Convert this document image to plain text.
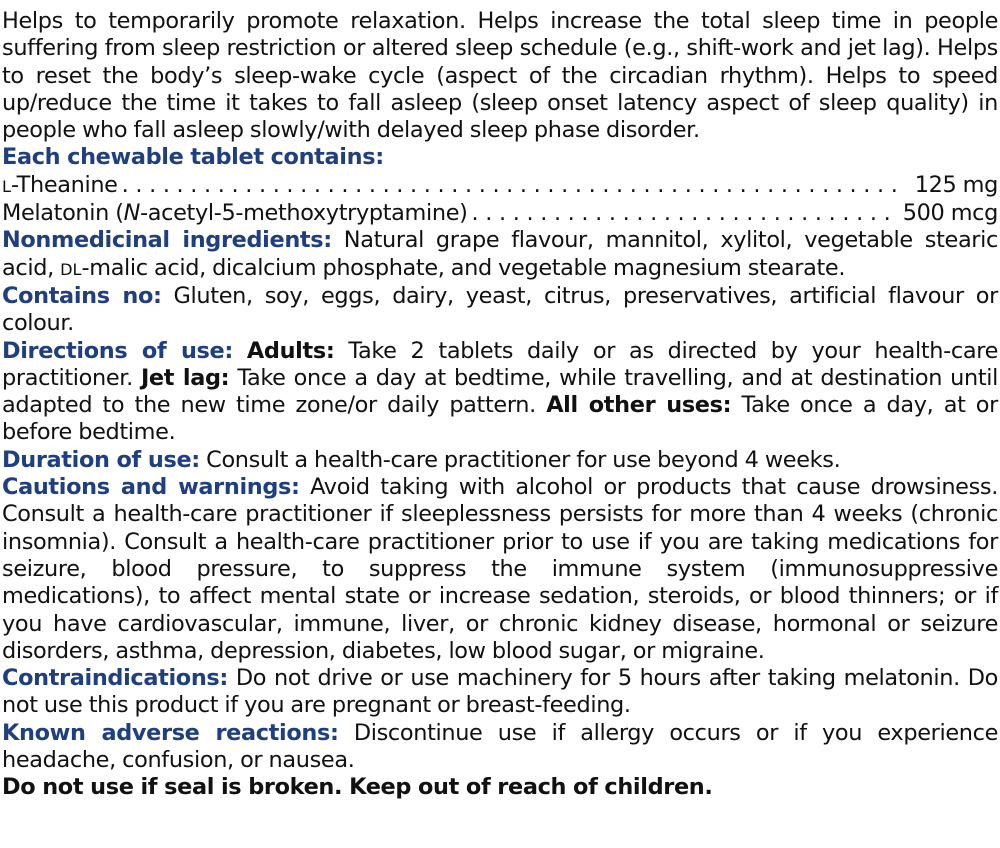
Helps to temporarily promote relaxation. Helps increase the total sleep time in people suffering from sleep restriction or altered sleep schedule (e.g., shift-work and jet lag). Helps to reset the body’s sleep-wake cycle (aspect of the circadian rhythm). Helps to speed up/reduce the time it takes to fall asleep (sleep onset latency aspect of sleep quality) in people who fall asleep slowly/with delayed sleep phase disorder.

Each chewable tablet contains:
L-Theanine . . .	125 mg
Melatonin (N-acetyl-5-methoxytryptamine) . . .	500 mcg

Nonmedicinal ingredients: Natural grape flavour, mannitol, xylitol, vegetable stearic acid, DL-malic acid, dicalcium phosphate, and vegetable magnesium stearate.

Contains no: Gluten, soy, eggs, dairy, yeast, citrus, preservatives, artificial flavour or colour.

Directions of use: Adults: Take 2 tablets daily or as directed by your health-care practitioner. Jet lag: Take once a day at bedtime, while travelling, and at destination until adapted to the new time zone/or daily pattern. All other uses: Take once a day, at or before bedtime.

Duration of use: Consult a health-care practitioner for use beyond 4 weeks.

Cautions and warnings: Avoid taking with alcohol or products that cause drowsiness. Consult a health-care practitioner if sleeplessness persists for more than 4 weeks (chronic insomnia). Consult a health-care practitioner prior to use if you are taking medications for seizure, blood pressure, to suppress the immune system (immunosuppressive medications), to affect mental state or increase sedation, steroids, or blood thinners; or if you have cardiovascular, immune, liver, or chronic kidney disease, hormonal or seizure disorders, asthma, depression, diabetes, low blood sugar, or migraine.

Contraindications: Do not drive or use machinery for 5 hours after taking melatonin. Do not use this product if you are pregnant or breast-feeding.

Known adverse reactions: Discontinue use if allergy occurs or if you experience headache, confusion, or nausea.

Do not use if seal is broken. Keep out of reach of children.
